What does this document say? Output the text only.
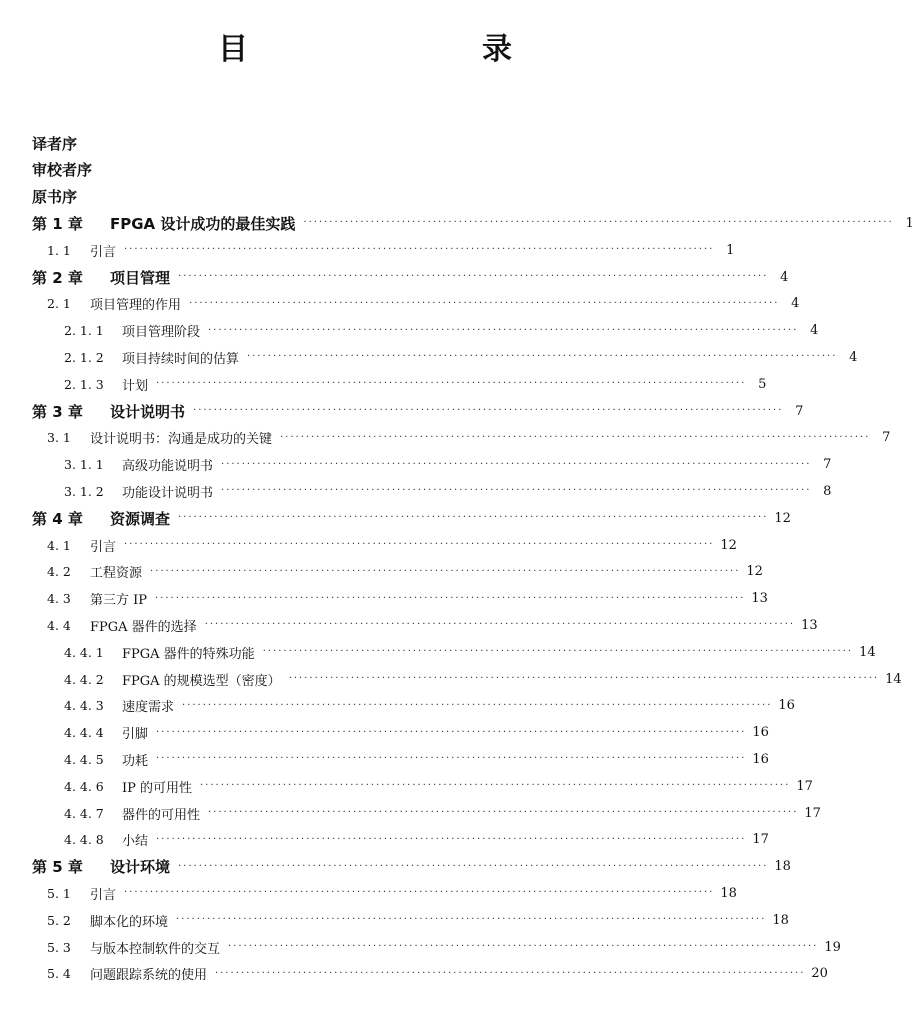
目　　录
译者序
审校者序
原书序
第 1 章	FPGA 设计成功的最佳实践 ·················································································································· 1
1. 1	引言 ·················································································································· 1
第 2 章	项目管理 ·················································································································· 4
2. 1	项目管理的作用 ·················································································································· 4
2. 1. 1	项目管理阶段 ·················································································································· 4
2. 1. 2	项目持续时间的估算 ·················································································································· 4
2. 1. 3	计划 ·················································································································· 5
第 3 章	设计说明书 ·················································································································· 7
3. 1	设计说明书：沟通是成功的关键 ·················································································································· 7
3. 1. 1	高级功能说明书 ·················································································································· 7
3. 1. 2	功能设计说明书 ·················································································································· 8
第 4 章	资源调查 ·················································································································· 12
4. 1	引言 ·················································································································· 12
4. 2	工程资源 ·················································································································· 12
4. 3	第三方 IP ·················································································································· 13
4. 4	FPGA 器件的选择 ·················································································································· 13
4. 4. 1	FPGA 器件的特殊功能 ·················································································································· 14
4. 4. 2	FPGA 的规模选型（密度） ·················································································································· 14
4. 4. 3	速度需求 ·················································································································· 16
4. 4. 4	引脚 ·················································································································· 16
4. 4. 5	功耗 ·················································································································· 16
4. 4. 6	IP 的可用性 ·················································································································· 17
4. 4. 7	器件的可用性 ·················································································································· 17
4. 4. 8	小结 ·················································································································· 17
第 5 章	设计环境 ·················································································································· 18
5. 1	引言 ·················································································································· 18
5. 2	脚本化的环境 ·················································································································· 18
5. 3	与版本控制软件的交互 ·················································································································· 19
5. 4	问题跟踪系统的使用 ·················································································································· 20
